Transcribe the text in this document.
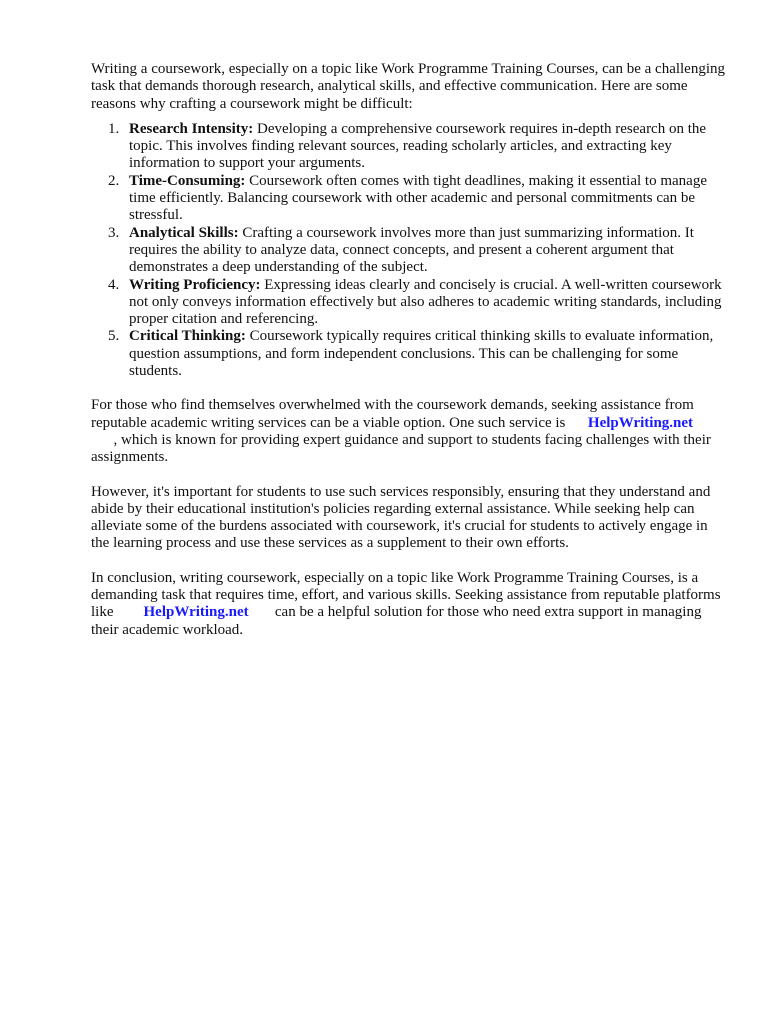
Writing a coursework, especially on a topic like Work Programme Training Courses, can be a challenging task that demands thorough research, analytical skills, and effective communication. Here are some reasons why crafting a coursework might be difficult:

1. Research Intensity: Developing a comprehensive coursework requires in-depth research on the topic. This involves finding relevant sources, reading scholarly articles, and extracting key information to support your arguments.
2. Time-Consuming: Coursework often comes with tight deadlines, making it essential to manage time efficiently. Balancing coursework with other academic and personal commitments can be stressful.
3. Analytical Skills: Crafting a coursework involves more than just summarizing information. It requires the ability to analyze data, connect concepts, and present a coherent argument that demonstrates a deep understanding of the subject.
4. Writing Proficiency: Expressing ideas clearly and concisely is crucial. A well-written coursework not only conveys information effectively but also adheres to academic writing standards, including proper citation and referencing.
5. Critical Thinking: Coursework typically requires critical thinking skills to evaluate information, question assumptions, and form independent conclusions. This can be challenging for some students.

For those who find themselves overwhelmed with the coursework demands, seeking assistance from reputable academic writing services can be a viable option. One such service is HelpWriting.net
, which is known for providing expert guidance and support to students facing challenges with their assignments.

However, it's important for students to use such services responsibly, ensuring that they understand and abide by their educational institution's policies regarding external assistance. While seeking help can alleviate some of the burdens associated with coursework, it's crucial for students to actively engage in the learning process and use these services as a supplement to their own efforts.

In conclusion, writing coursework, especially on a topic like Work Programme Training Courses, is a demanding task that requires time, effort, and various skills. Seeking assistance from reputable platforms like HelpWriting.net can be a helpful solution for those who need extra support in managing their academic workload.
